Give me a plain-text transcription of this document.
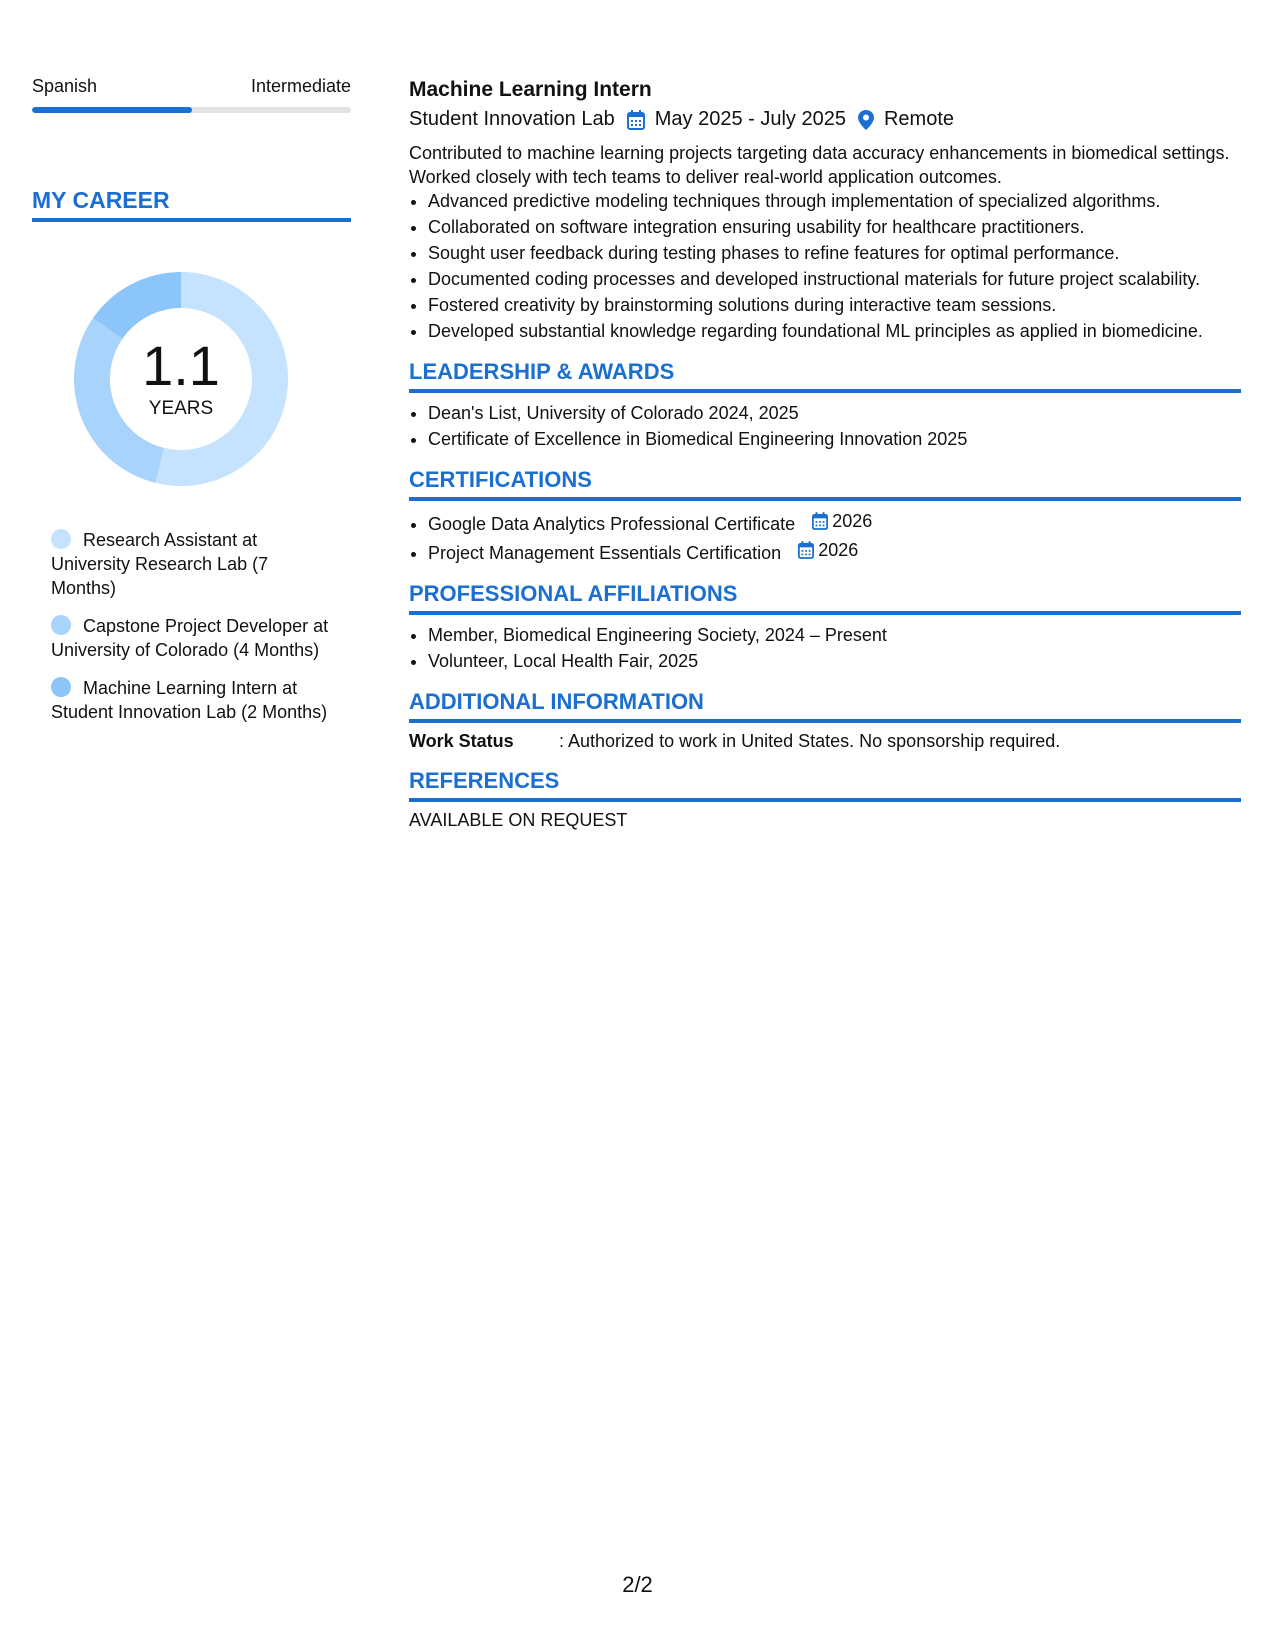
Spanish	Intermediate
MY CAREER
1.1
YEARS
Research Assistant at University Research Lab (7 Months)
Capstone Project Developer at University of Colorado (4 Months)
Machine Learning Intern at Student Innovation Lab (2 Months)
Machine Learning Intern
Student Innovation Lab May 2025 - July 2025 Remote
Contributed to machine learning projects targeting data accuracy enhancements in biomedical settings. Worked closely with tech teams to deliver real-world application outcomes.
• Advanced predictive modeling techniques through implementation of specialized algorithms.
• Collaborated on software integration ensuring usability for healthcare practitioners.
• Sought user feedback during testing phases to refine features for optimal performance.
• Documented coding processes and developed instructional materials for future project scalability.
• Fostered creativity by brainstorming solutions during interactive team sessions.
• Developed substantial knowledge regarding foundational ML principles as applied in biomedicine.
LEADERSHIP & AWARDS
• Dean's List, University of Colorado 2024, 2025
• Certificate of Excellence in Biomedical Engineering Innovation 2025
CERTIFICATIONS
• Google Data Analytics Professional Certificate 2026
• Project Management Essentials Certification 2026
PROFESSIONAL AFFILIATIONS
• Member, Biomedical Engineering Society, 2024 – Present
• Volunteer, Local Health Fair, 2025
ADDITIONAL INFORMATION
Work Status	: Authorized to work in United States. No sponsorship required.
REFERENCES
AVAILABLE ON REQUEST
2/2
